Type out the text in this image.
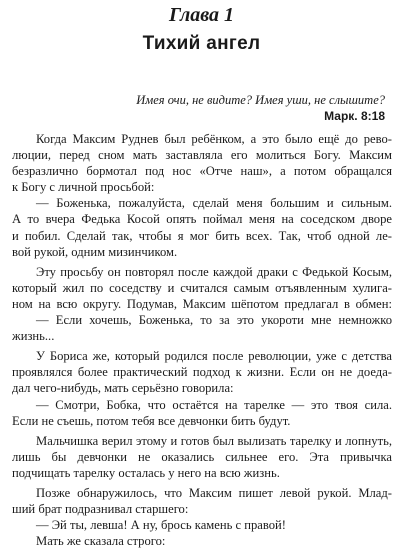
Глава 1
Тихий ангел
Имея очи, не видите? Имея уши, не слышите?
Марк. 8:18
Когда Максим Руднев был ребёнком, а это было ещё до рево-
люции, перед сном мать заставляла его молиться Богу. Максим
безразлично бормотал под нос «Отче наш», а потом обращался
к Богу с личной просьбой:
— Боженька, пожалуйста, сделай меня большим и сильным.
А то вчера Федька Косой опять поймал меня на соседском дворе
и побил. Сделай так, чтобы я мог бить всех. Так, чтоб одной ле-
вой рукой, одним мизинчиком.
Эту просьбу он повторял после каждой драки с Федькой Косым,
который жил по соседству и считался самым отъявленным хулига-
ном на всю округу. Подумав, Максим шёпотом предлагал в обмен:
— Если хочешь, Боженька, то за это укороти мне немножко
жизнь...
У Бориса же, который родился после революции, уже с детства
проявлялся более практический подход к жизни. Если он не доеда-
дал чего-нибудь, мать серьёзно говорила:
— Смотри, Бобка, что остаётся на тарелке — это твоя сила.
Если не съешь, потом тебя все девчонки бить будут.
Мальчишка верил этому и готов был вылизать тарелку и лопнуть,
лишь бы девчонки не оказались сильнее его. Эта привычка
подчищать тарелку осталась у него на всю жизнь.
Позже обнаружилось, что Максим пишет левой рукой. Млад-
ший брат подразнивал старшего:
— Эй ты, левша! А ну, брось камень с правой!
Мать же сказала строго:
